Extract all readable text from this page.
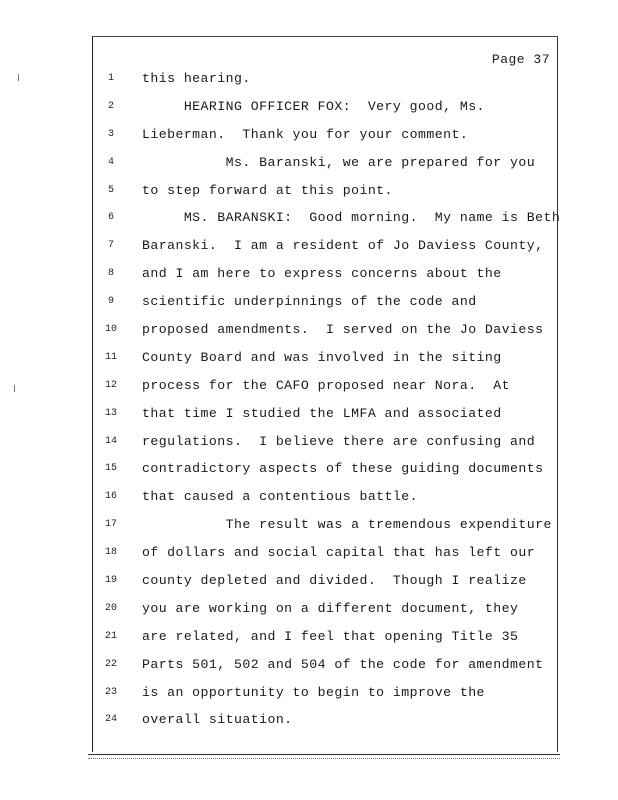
Page 37
1	this hearing.
2	HEARING OFFICER FOX:  Very good, Ms.
3	Lieberman.  Thank you for your comment.
4	Ms. Baranski, we are prepared for you
5	to step forward at this point.
6	MS. BARANSKI:  Good morning.  My name is Beth
7	Baranski.  I am a resident of Jo Daviess County,
8	and I am here to express concerns about the
9	scientific underpinnings of the code and
10	proposed amendments.  I served on the Jo Daviess
11	County Board and was involved in the siting
12	process for the CAFO proposed near Nora.  At
13	that time I studied the LMFA and associated
14	regulations.  I believe there are confusing and
15	contradictory aspects of these guiding documents
16	that caused a contentious battle.
17	The result was a tremendous expenditure
18	of dollars and social capital that has left our
19	county depleted and divided.  Though I realize
20	you are working on a different document, they
21	are related, and I feel that opening Title 35
22	Parts 501, 502 and 504 of the code for amendment
23	is an opportunity to begin to improve the
24	overall situation.
